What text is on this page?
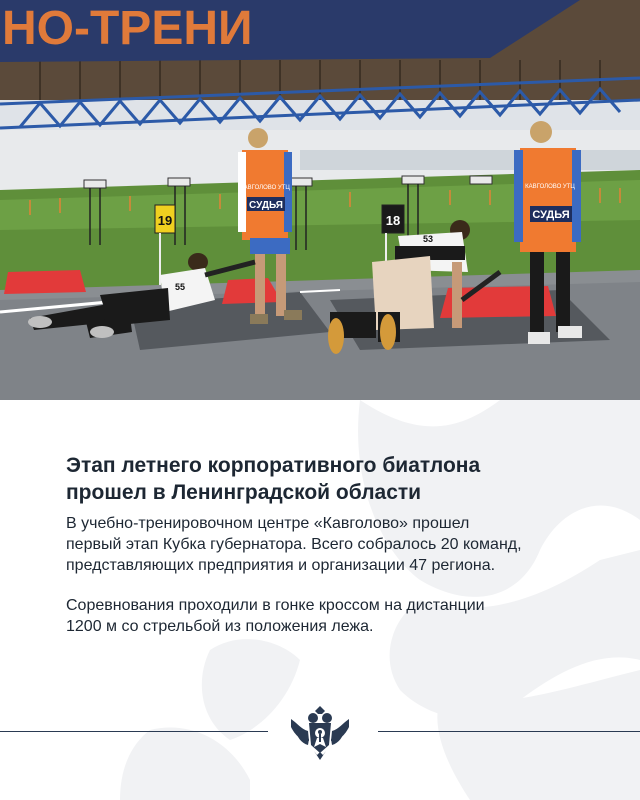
НО-ТРЕНИ
19	18
КАВГОЛОВО УТЦ
СУДЬЯ
КАВГОЛОВО УТЦ
СУДЬЯ
55
53
Этап летнего корпоративного биатлона
прошел в Ленинградской области

В учебно-тренировочном центре «Кавголово» прошел
первый этап Кубка губернатора. Всего собралось 20 команд,
представляющих предприятия и организации 47 региона.

Соревнования проходили в гонке кроссом на дистанции
1200 м со стрельбой из положения лежа.
